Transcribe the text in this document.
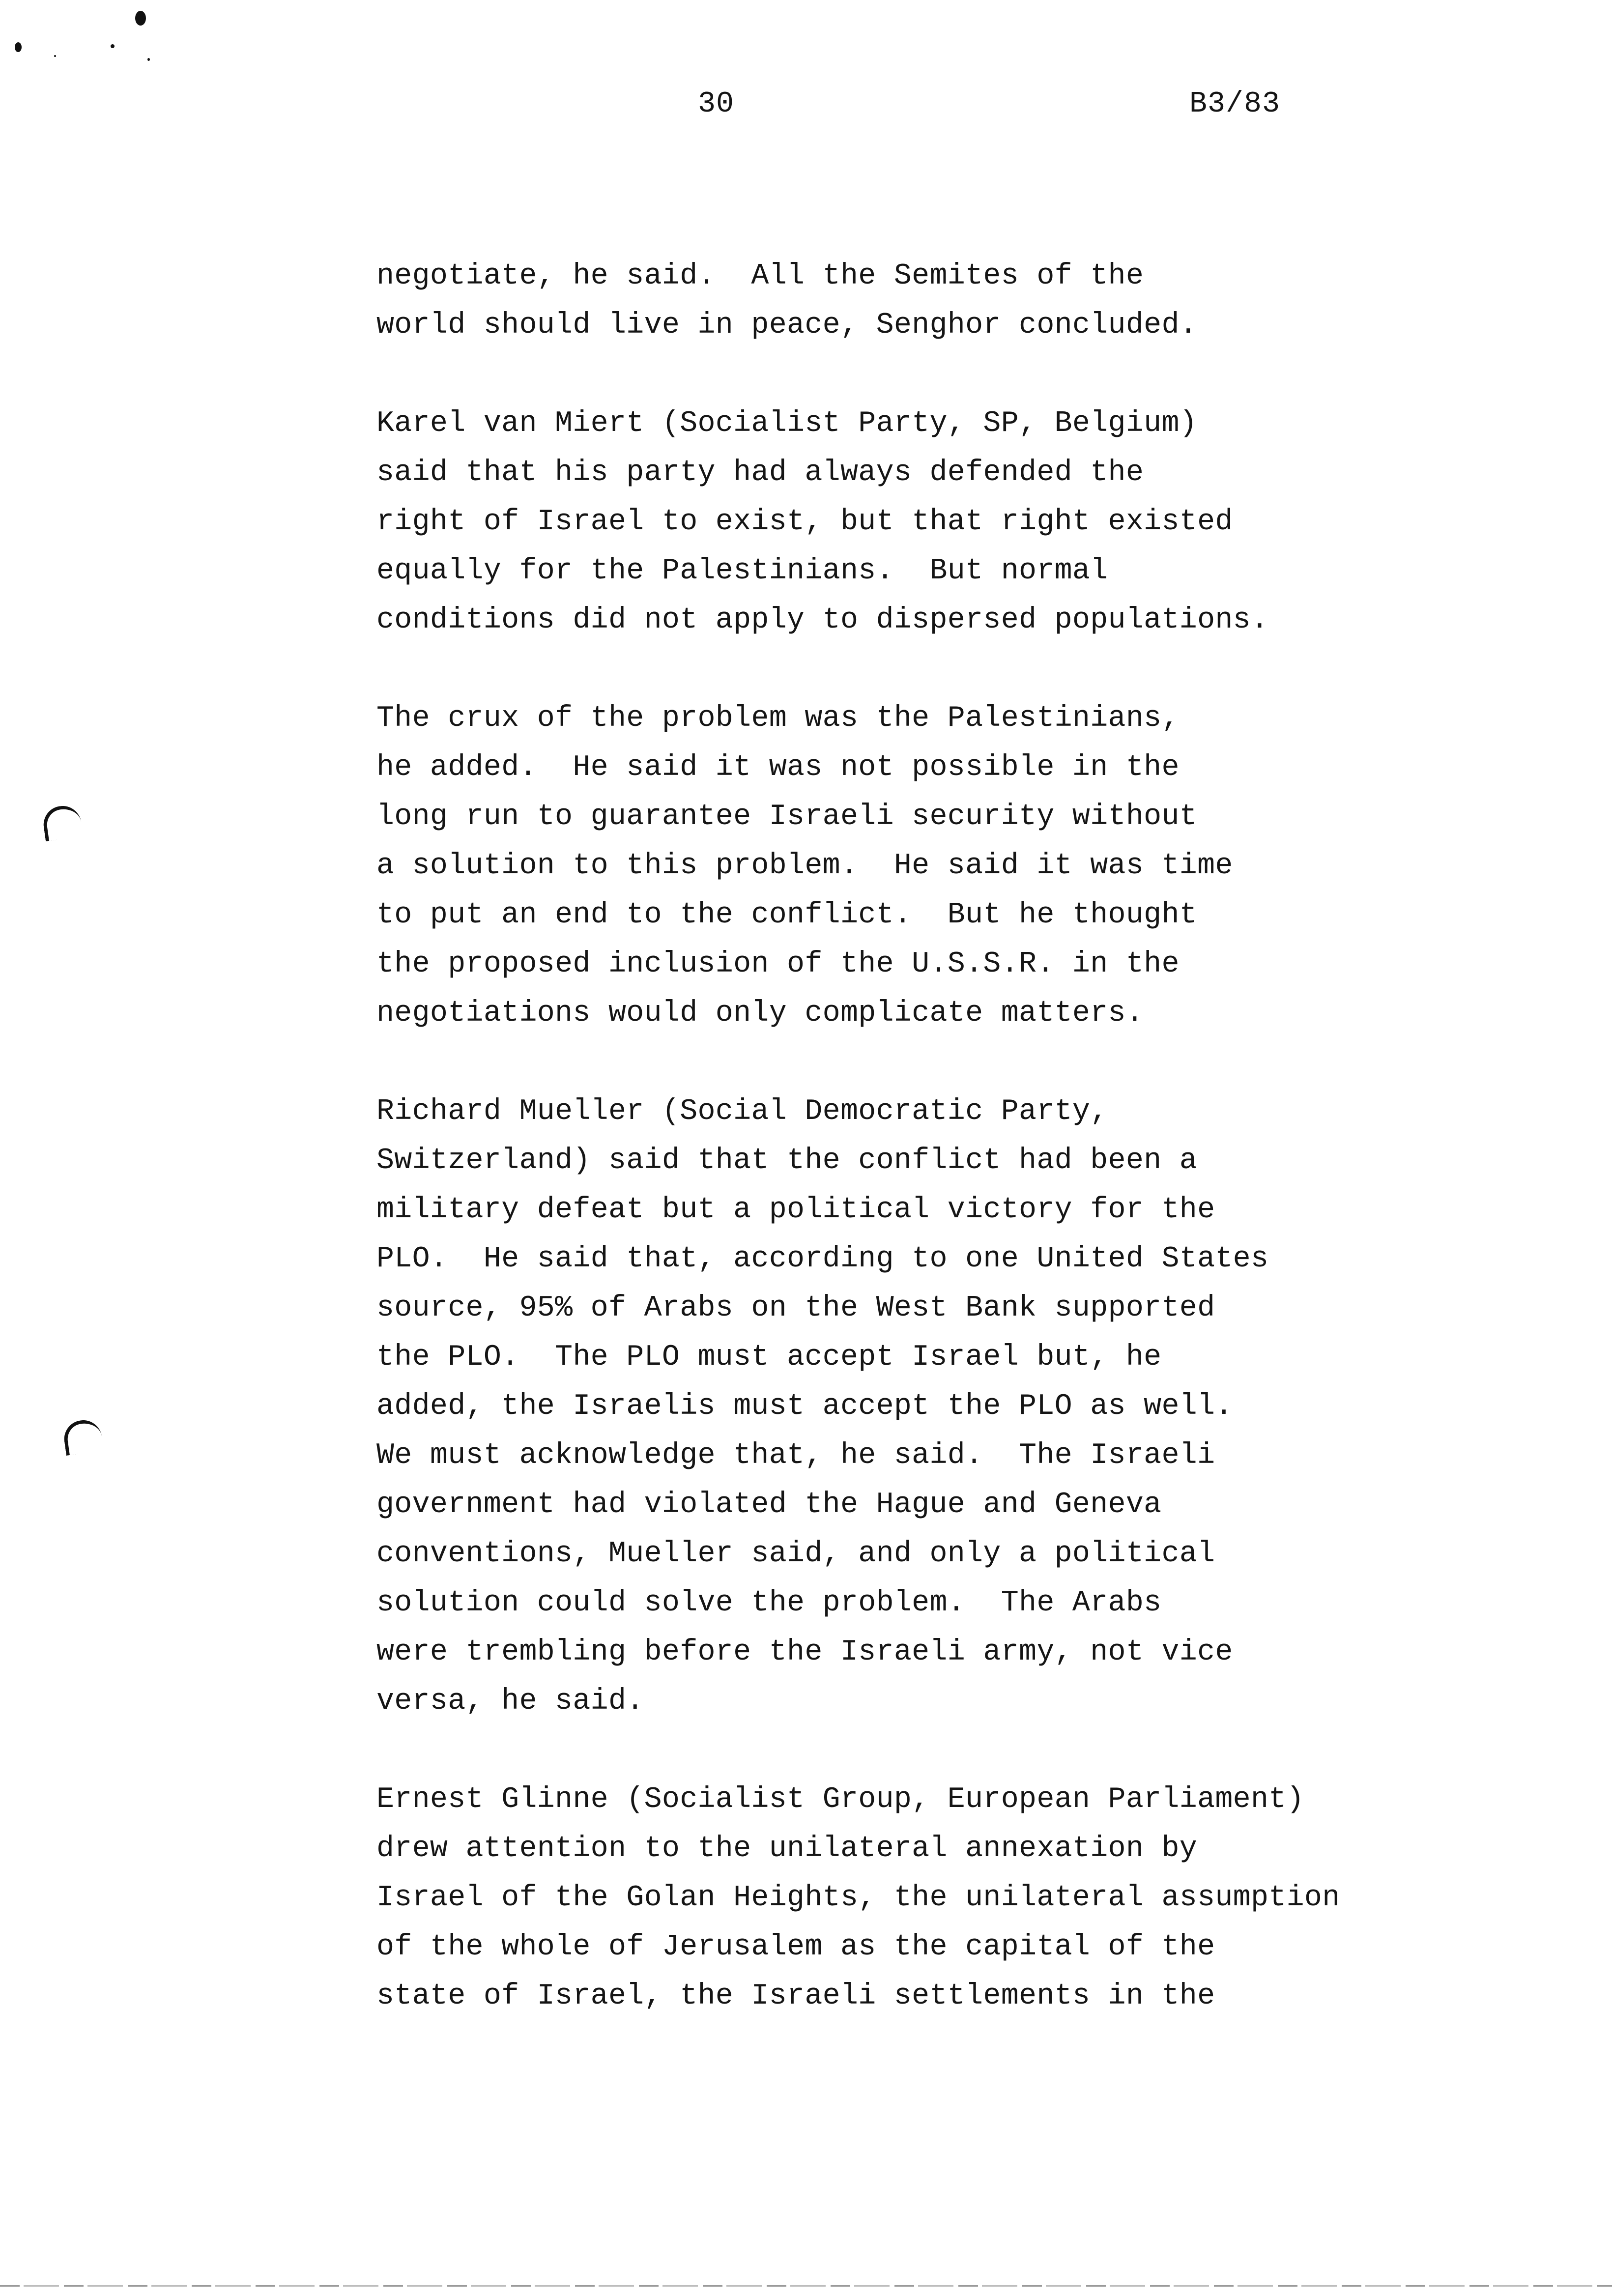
30	B3/83
negotiate, he said.  All the Semites of the
world should live in peace, Senghor concluded.
Karel van Miert (Socialist Party, SP, Belgium)
said that his party had always defended the
right of Israel to exist, but that right existed
equally for the Palestinians.  But normal
conditions did not apply to dispersed populations.
The crux of the problem was the Palestinians,
he added.  He said it was not possible in the
long run to guarantee Israeli security without
a solution to this problem.  He said it was time
to put an end to the conflict.  But he thought
the proposed inclusion of the U.S.S.R. in the
negotiations would only complicate matters.
Richard Mueller (Social Democratic Party,
Switzerland) said that the conflict had been a
military defeat but a political victory for the
PLO.  He said that, according to one United States
source, 95% of Arabs on the West Bank supported
the PLO.  The PLO must accept Israel but, he
added, the Israelis must accept the PLO as well.
We must acknowledge that, he said.  The Israeli
government had violated the Hague and Geneva
conventions, Mueller said, and only a political
solution could solve the problem.  The Arabs
were trembling before the Israeli army, not vice
versa, he said.
Ernest Glinne (Socialist Group, European Parliament)
drew attention to the unilateral annexation by
Israel of the Golan Heights, the unilateral assumption
of the whole of Jerusalem as the capital of the
state of Israel, the Israeli settlements in the
